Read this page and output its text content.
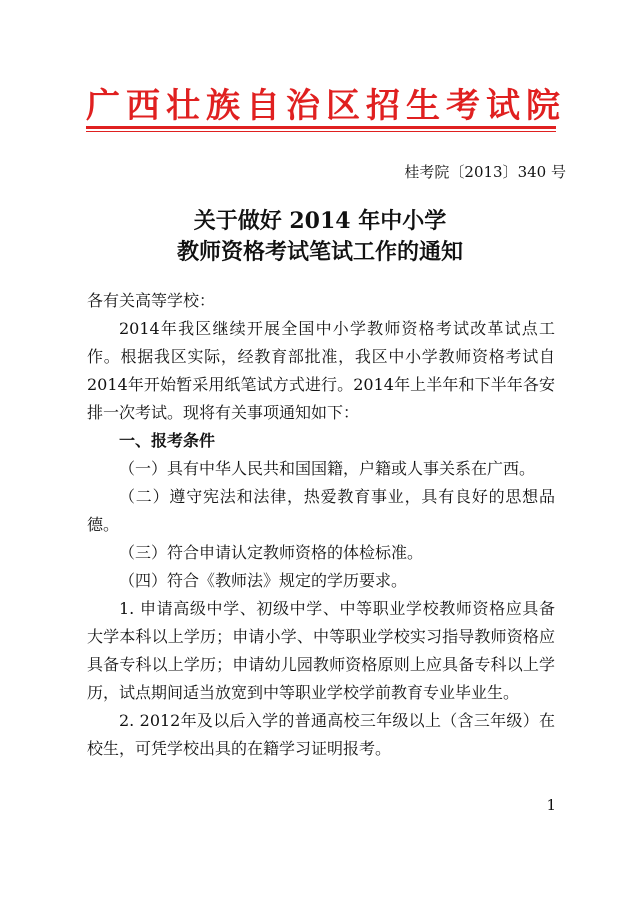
广西壮族自治区招生考试院
桂考院〔2013〕340 号
关于做好 2014 年中小学
教师资格考试笔试工作的通知
各有关高等学校：

2014年我区继续开展全国中小学教师资格考试改革试点工作。根据我区实际，经教育部批准，我区中小学教师资格考试自2014年开始暂采用纸笔试方式进行。2014年上半年和下半年各安排一次考试。现将有关事项通知如下：

一、报考条件

（一）具有中华人民共和国国籍，户籍或人事关系在广西。

（二）遵守宪法和法律，热爱教育事业，具有良好的思想品德。

（三）符合申请认定教师资格的体检标准。

（四）符合《教师法》规定的学历要求。

1. 申请高级中学、初级中学、中等职业学校教师资格应具备大学本科以上学历；申请小学、中等职业学校实习指导教师资格应具备专科以上学历；申请幼儿园教师资格原则上应具备专科以上学历，试点期间适当放宽到中等职业学校学前教育专业毕业生。

2. 2012年及以后入学的普通高校三年级以上（含三年级）在校生，可凭学校出具的在籍学习证明报考。

1
